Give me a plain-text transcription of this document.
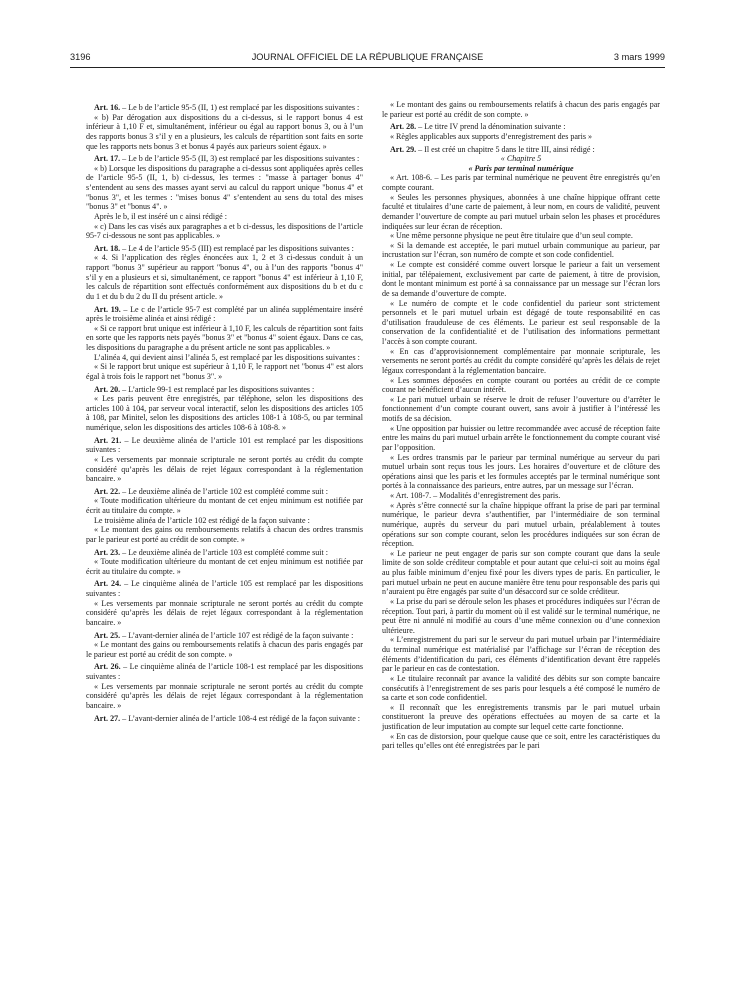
3196	JOURNAL OFFICIEL DE LA RÉPUBLIQUE FRANÇAISE	3 mars 1999

Art. 16. – Le b de l’article 95-5 (II, 1) est remplacé par les dispositions suivantes :

« b) Par dérogation aux dispositions du a ci-dessus, si le rapport bonus 4 est inférieur à 1,10 F et, simultanément, inférieur ou égal au rapport bonus 3, ou à l’un des rapports bonus 3 s’il y en a plusieurs, les calculs de répartition sont faits en sorte que les rapports nets bonus 3 et bonus 4 payés aux parieurs soient égaux. »

Art. 17. – Le b de l’article 95-5 (II, 3) est remplacé par les dispositions suivantes :

« b) Lorsque les dispositions du paragraphe a ci-dessus sont appliquées après celles de l’article 95-5 (II, 1, b) ci-dessus, les termes : "masse à partager bonus 4" s’entendent au sens des masses ayant servi au calcul du rapport unique "bonus 4" et "bonus 3", et les termes : "mises bonus 4" s’entendent au sens du total des mises "bonus 3" et "bonus 4". »

Après le b, il est inséré un c ainsi rédigé :

« c) Dans les cas visés aux paragraphes a et b ci-dessus, les dispositions de l’article 95-7 ci-dessous ne sont pas applicables. »

Art. 18. – Le 4 de l’article 95-5 (III) est remplacé par les dispositions suivantes :

« 4. Si l’application des règles énoncées aux 1, 2 et 3 ci-dessus conduit à un rapport "bonus 3" supérieur au rapport "bonus 4", ou à l’un des rapports "bonus 4" s’il y en a plusieurs et si, simultanément, ce rapport "bonus 4" est inférieur à 1,10 F, les calculs de répartition sont effectués conformément aux dispositions du b et du c du 1 et du b du 2 du II du présent article. »

Art. 19. – Le c de l’article 95-7 est complété par un alinéa supplémentaire inséré après le troisième alinéa et ainsi rédigé :

« Si ce rapport brut unique est inférieur à 1,10 F, les calculs de répartition sont faits en sorte que les rapports nets payés "bonus 3" et "bonus 4" soient égaux. Dans ce cas, les dispositions du paragraphe a du présent article ne sont pas applicables. »

L’alinéa 4, qui devient ainsi l’alinéa 5, est remplacé par les dispositions suivantes :

« Si le rapport brut unique est supérieur à 1,10 F, le rapport net "bonus 4" est alors égal à trois fois le rapport net "bonus 3". »

Art. 20. – L’article 99-1 est remplacé par les dispositions suivantes :

« Les paris peuvent être enregistrés, par téléphone, selon les dispositions des articles 100 à 104, par serveur vocal interactif, selon les dispositions des articles 105 à 108, par Minitel, selon les dispositions des articles 108-1 à 108-5, ou par terminal numérique, selon les dispositions des articles 108-6 à 108-8. »

Art. 21. – Le deuxième alinéa de l’article 101 est remplacé par les dispositions suivantes :

« Les versements par monnaie scripturale ne seront portés au crédit du compte considéré qu’après les délais de rejet légaux correspondant à la réglementation bancaire. »

Art. 22. – Le deuxième alinéa de l’article 102 est complété comme suit :

« Toute modification ultérieure du montant de cet enjeu minimum est notifiée par écrit au titulaire du compte. »

Le troisième alinéa de l’article 102 est rédigé de la façon suivante :

« Le montant des gains ou remboursements relatifs à chacun des ordres transmis par le parieur est porté au crédit de son compte. »

Art. 23. – Le deuxième alinéa de l’article 103 est complété comme suit :

« Toute modification ultérieure du montant de cet enjeu minimum est notifiée par écrit au titulaire du compte. »

Art. 24. – Le cinquième alinéa de l’article 105 est remplacé par les dispositions suivantes :

« Les versements par monnaie scripturale ne seront portés au crédit du compte considéré qu’après les délais de rejet légaux correspondant à la réglementation bancaire. »

Art. 25. – L’avant-dernier alinéa de l’article 107 est rédigé de la façon suivante :

« Le montant des gains ou remboursements relatifs à chacun des paris engagés par le parieur est porté au crédit de son compte. »

Art. 26. – Le cinquième alinéa de l’article 108-1 est remplacé par les dispositions suivantes :

« Les versements par monnaie scripturale ne seront portés au crédit du compte considéré qu’après les délais de rejet légaux correspondant à la réglementation bancaire. »

Art. 27. – L’avant-dernier alinéa de l’article 108-4 est rédigé de la façon suivante :

« Le montant des gains ou remboursements relatifs à chacun des paris engagés par le parieur est porté au crédit de son compte. »

Art. 28. – Le titre IV prend la dénomination suivante :

« Règles applicables aux supports d’enregistrement des paris »

Art. 29. – Il est créé un chapitre 5 dans le titre III, ainsi rédigé :

« Chapitre 5

« Paris par terminal numérique

« Art. 108-6. – Les paris par terminal numérique ne peuvent être enregistrés qu’en compte courant.

« Seules les personnes physiques, abonnées à une chaîne hippique offrant cette faculté et titulaires d’une carte de paiement, à leur nom, en cours de validité, peuvent demander l’ouverture de compte au pari mutuel urbain selon les phases et procédures indiquées sur leur écran de réception.

« Une même personne physique ne peut être titulaire que d’un seul compte.

« Si la demande est acceptée, le pari mutuel urbain communique au parieur, par incrustation sur l’écran, son numéro de compte et son code confidentiel.

« Le compte est considéré comme ouvert lorsque le parieur a fait un versement initial, par télépaiement, exclusivement par carte de paiement, à titre de provision, dont le montant minimum est porté à sa connaissance par un message sur l’écran lors de sa demande d’ouverture de compte.

« Le numéro de compte et le code confidentiel du parieur sont strictement personnels et le pari mutuel urbain est dégagé de toute responsabilité en cas d’utilisation frauduleuse de ces éléments. Le parieur est seul responsable de la conservation de la confidentialité et de l’utilisation des informations permettant l’accès à son compte courant.

« En cas d’approvisionnement complémentaire par monnaie scripturale, les versements ne seront portés au crédit du compte considéré qu’après les délais de rejet légaux correspondant à la réglementation bancaire.

« Les sommes déposées en compte courant ou portées au crédit de ce compte courant ne bénéficient d’aucun intérêt.

« Le pari mutuel urbain se réserve le droit de refuser l’ouverture ou d’arrêter le fonctionnement d’un compte courant ouvert, sans avoir à justifier à l’intéressé les motifs de sa décision.

« Une opposition par huissier ou lettre recommandée avec accusé de réception faite entre les mains du pari mutuel urbain arrête le fonctionnement du compte courant visé par l’opposition.

« Les ordres transmis par le parieur par terminal numérique au serveur du pari mutuel urbain sont reçus tous les jours. Les horaires d’ouverture et de clôture des opérations ainsi que les paris et les formules acceptés par le terminal numérique sont portés à la connaissance des parieurs, entre autres, par un message sur l’écran.

« Art. 108-7. – Modalités d’enregistrement des paris.

« Après s’être connecté sur la chaîne hippique offrant la prise de pari par terminal numérique, le parieur devra s’authentifier, par l’intermédiaire de son terminal numérique, auprès du serveur du pari mutuel urbain, préalablement à toutes opérations sur son compte courant, selon les procédures indiquées sur son écran de réception.

« Le parieur ne peut engager de paris sur son compte courant que dans la seule limite de son solde créditeur comptable et pour autant que celui-ci soit au moins égal au plus faible minimum d’enjeu fixé pour les divers types de paris. En particulier, le pari mutuel urbain ne peut en aucune manière être tenu pour responsable des paris qui n’auraient pu être engagés par suite d’un désaccord sur ce solde créditeur.

« La prise du pari se déroule selon les phases et procédures indiquées sur l’écran de réception. Tout pari, à partir du moment où il est validé sur le terminal numérique, ne peut être ni annulé ni modifié au cours d’une même connexion ou d’une connexion ultérieure.

« L’enregistrement du pari sur le serveur du pari mutuel urbain par l’intermédiaire du terminal numérique est matérialisé par l’affichage sur l’écran de réception des éléments d’identification du pari, ces éléments d’identification devant être rappelés par le parieur en cas de contestation.

« Le titulaire reconnaît par avance la validité des débits sur son compte bancaire consécutifs à l’enregistrement de ses paris pour lesquels a été composé le numéro de sa carte et son code confidentiel.

« Il reconnaît que les enregistrements transmis par le pari mutuel urbain constitueront la preuve des opérations effectuées au moyen de sa carte et la justification de leur imputation au compte sur lequel cette carte fonctionne.

« En cas de distorsion, pour quelque cause que ce soit, entre les caractéristiques du pari telles qu’elles ont été enregistrées par le pari
